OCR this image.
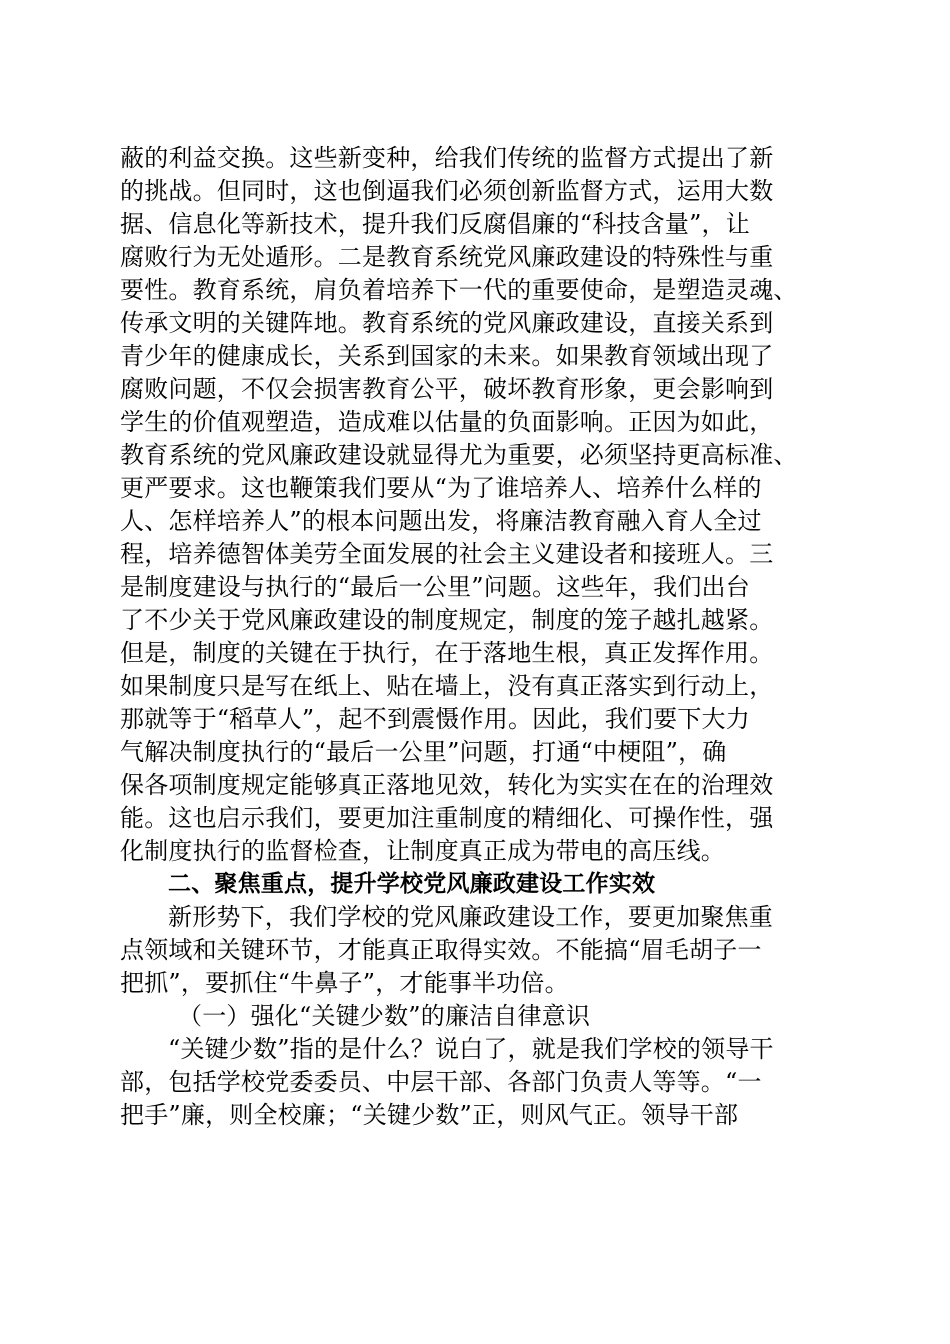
蔽的利益交换。这些新变种，给我们传统的监督方式提出了新
的挑战。但同时，这也倒逼我们必须创新监督方式，运用大数
据、信息化等新技术，提升我们反腐倡廉的“科技含量”，让
腐败行为无处遁形。二是教育系统党风廉政建设的特殊性与重
要性。教育系统，肩负着培养下一代的重要使命，是塑造灵魂、
传承文明的关键阵地。教育系统的党风廉政建设，直接关系到
青少年的健康成长，关系到国家的未来。如果教育领域出现了
腐败问题，不仅会损害教育公平，破坏教育形象，更会影响到
学生的价值观塑造，造成难以估量的负面影响。正因为如此，
教育系统的党风廉政建设就显得尤为重要，必须坚持更高标准、
更严要求。这也鞭策我们要从“为了谁培养人、培养什么样的
人、怎样培养人”的根本问题出发，将廉洁教育融入育人全过
程，培养德智体美劳全面发展的社会主义建设者和接班人。三
是制度建设与执行的“最后一公里”问题。这些年，我们出台
了不少关于党风廉政建设的制度规定，制度的笼子越扎越紧。
但是，制度的关键在于执行，在于落地生根，真正发挥作用。
如果制度只是写在纸上、贴在墙上，没有真正落实到行动上，
那就等于“稻草人”，起不到震慑作用。因此，我们要下大力
气解决制度执行的“最后一公里”问题，打通“中梗阻”，确
保各项制度规定能够真正落地见效，转化为实实在在的治理效
能。这也启示我们，要更加注重制度的精细化、可操作性，强
化制度执行的监督检查，让制度真正成为带电的高压线。
二、聚焦重点，提升学校党风廉政建设工作实效
新形势下，我们学校的党风廉政建设工作，要更加聚焦重
点领域和关键环节，才能真正取得实效。不能搞“眉毛胡子一
把抓”，要抓住“牛鼻子”，才能事半功倍。
（一）强化“关键少数”的廉洁自律意识
“关键少数”指的是什么？说白了，就是我们学校的领导干
部，包括学校党委委员、中层干部、各部门负责人等等。“一
把手”廉，则全校廉；“关键少数”正，则风气正。领导干部
